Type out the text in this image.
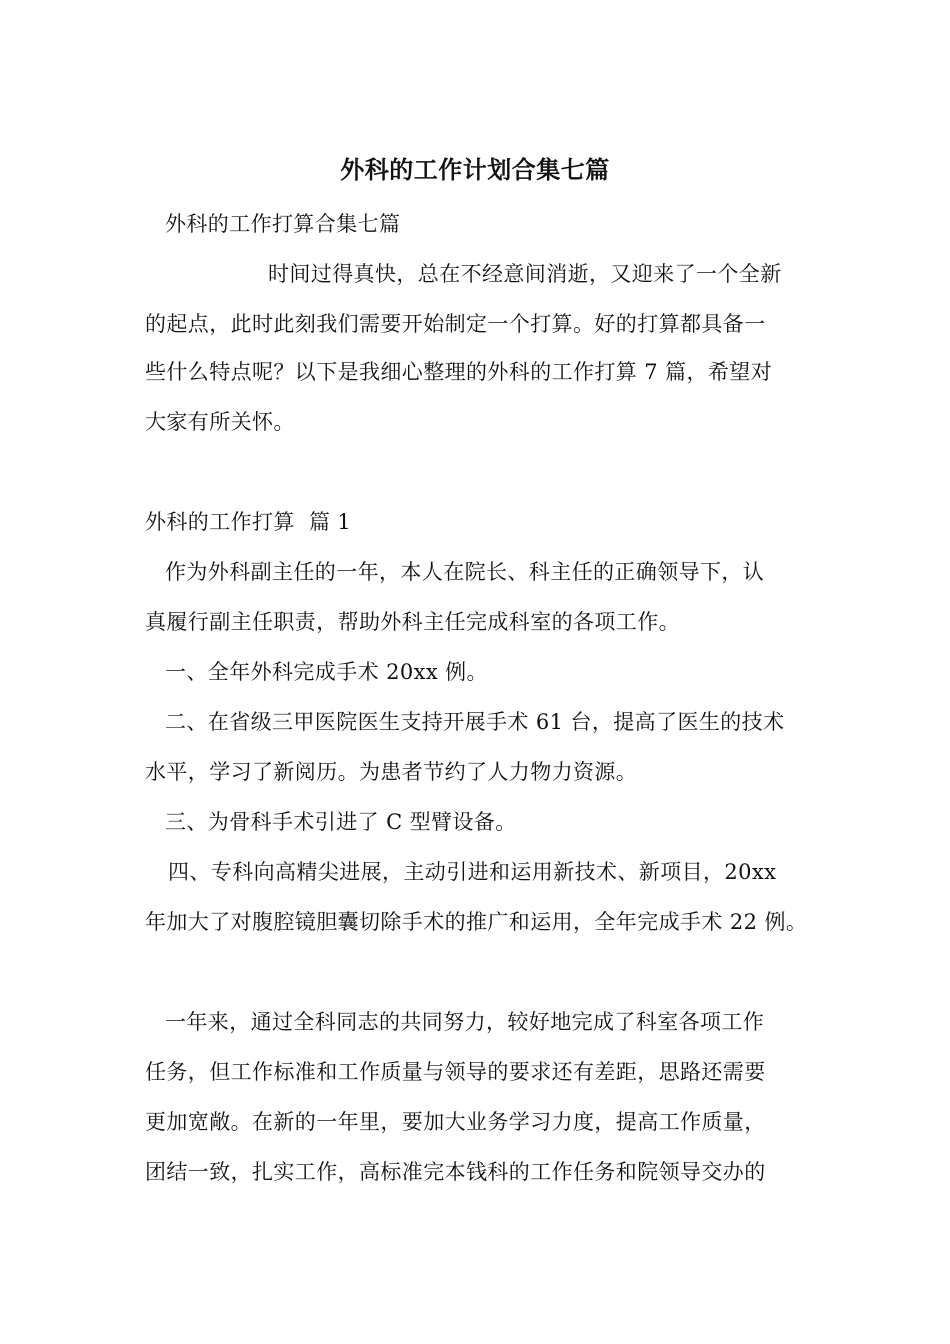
外科的工作计划合集七篇
外科的工作打算合集七篇
时间过得真快，总在不经意间消逝，又迎来了一个全新
的起点，此时此刻我们需要开始制定一个打算。好的打算都具备一
些什么特点呢？以下是我细心整理的外科的工作打算 7 篇，希望对
大家有所关怀。
外科的工作打算  篇 1
作为外科副主任的一年，本人在院长、科主任的正确领导下，认
真履行副主任职责，帮助外科主任完成科室的各项工作。
一、全年外科完成手术 20xx 例。
二、在省级三甲医院医生支持开展手术 61 台，提高了医生的技术
水平，学习了新阅历。为患者节约了人力物力资源。
三、为骨科手术引进了 C 型臂设备。
四、专科向高精尖进展，主动引进和运用新技术、新项目，20xx
年加大了对腹腔镜胆囊切除手术的推广和运用，全年完成手术 22 例。
一年来，通过全科同志的共同努力，较好地完成了科室各项工作
任务，但工作标准和工作质量与领导的要求还有差距，思路还需要
更加宽敞。在新的一年里，要加大业务学习力度，提高工作质量，
团结一致，扎实工作，高标准完本钱科的工作任务和院领导交办的
